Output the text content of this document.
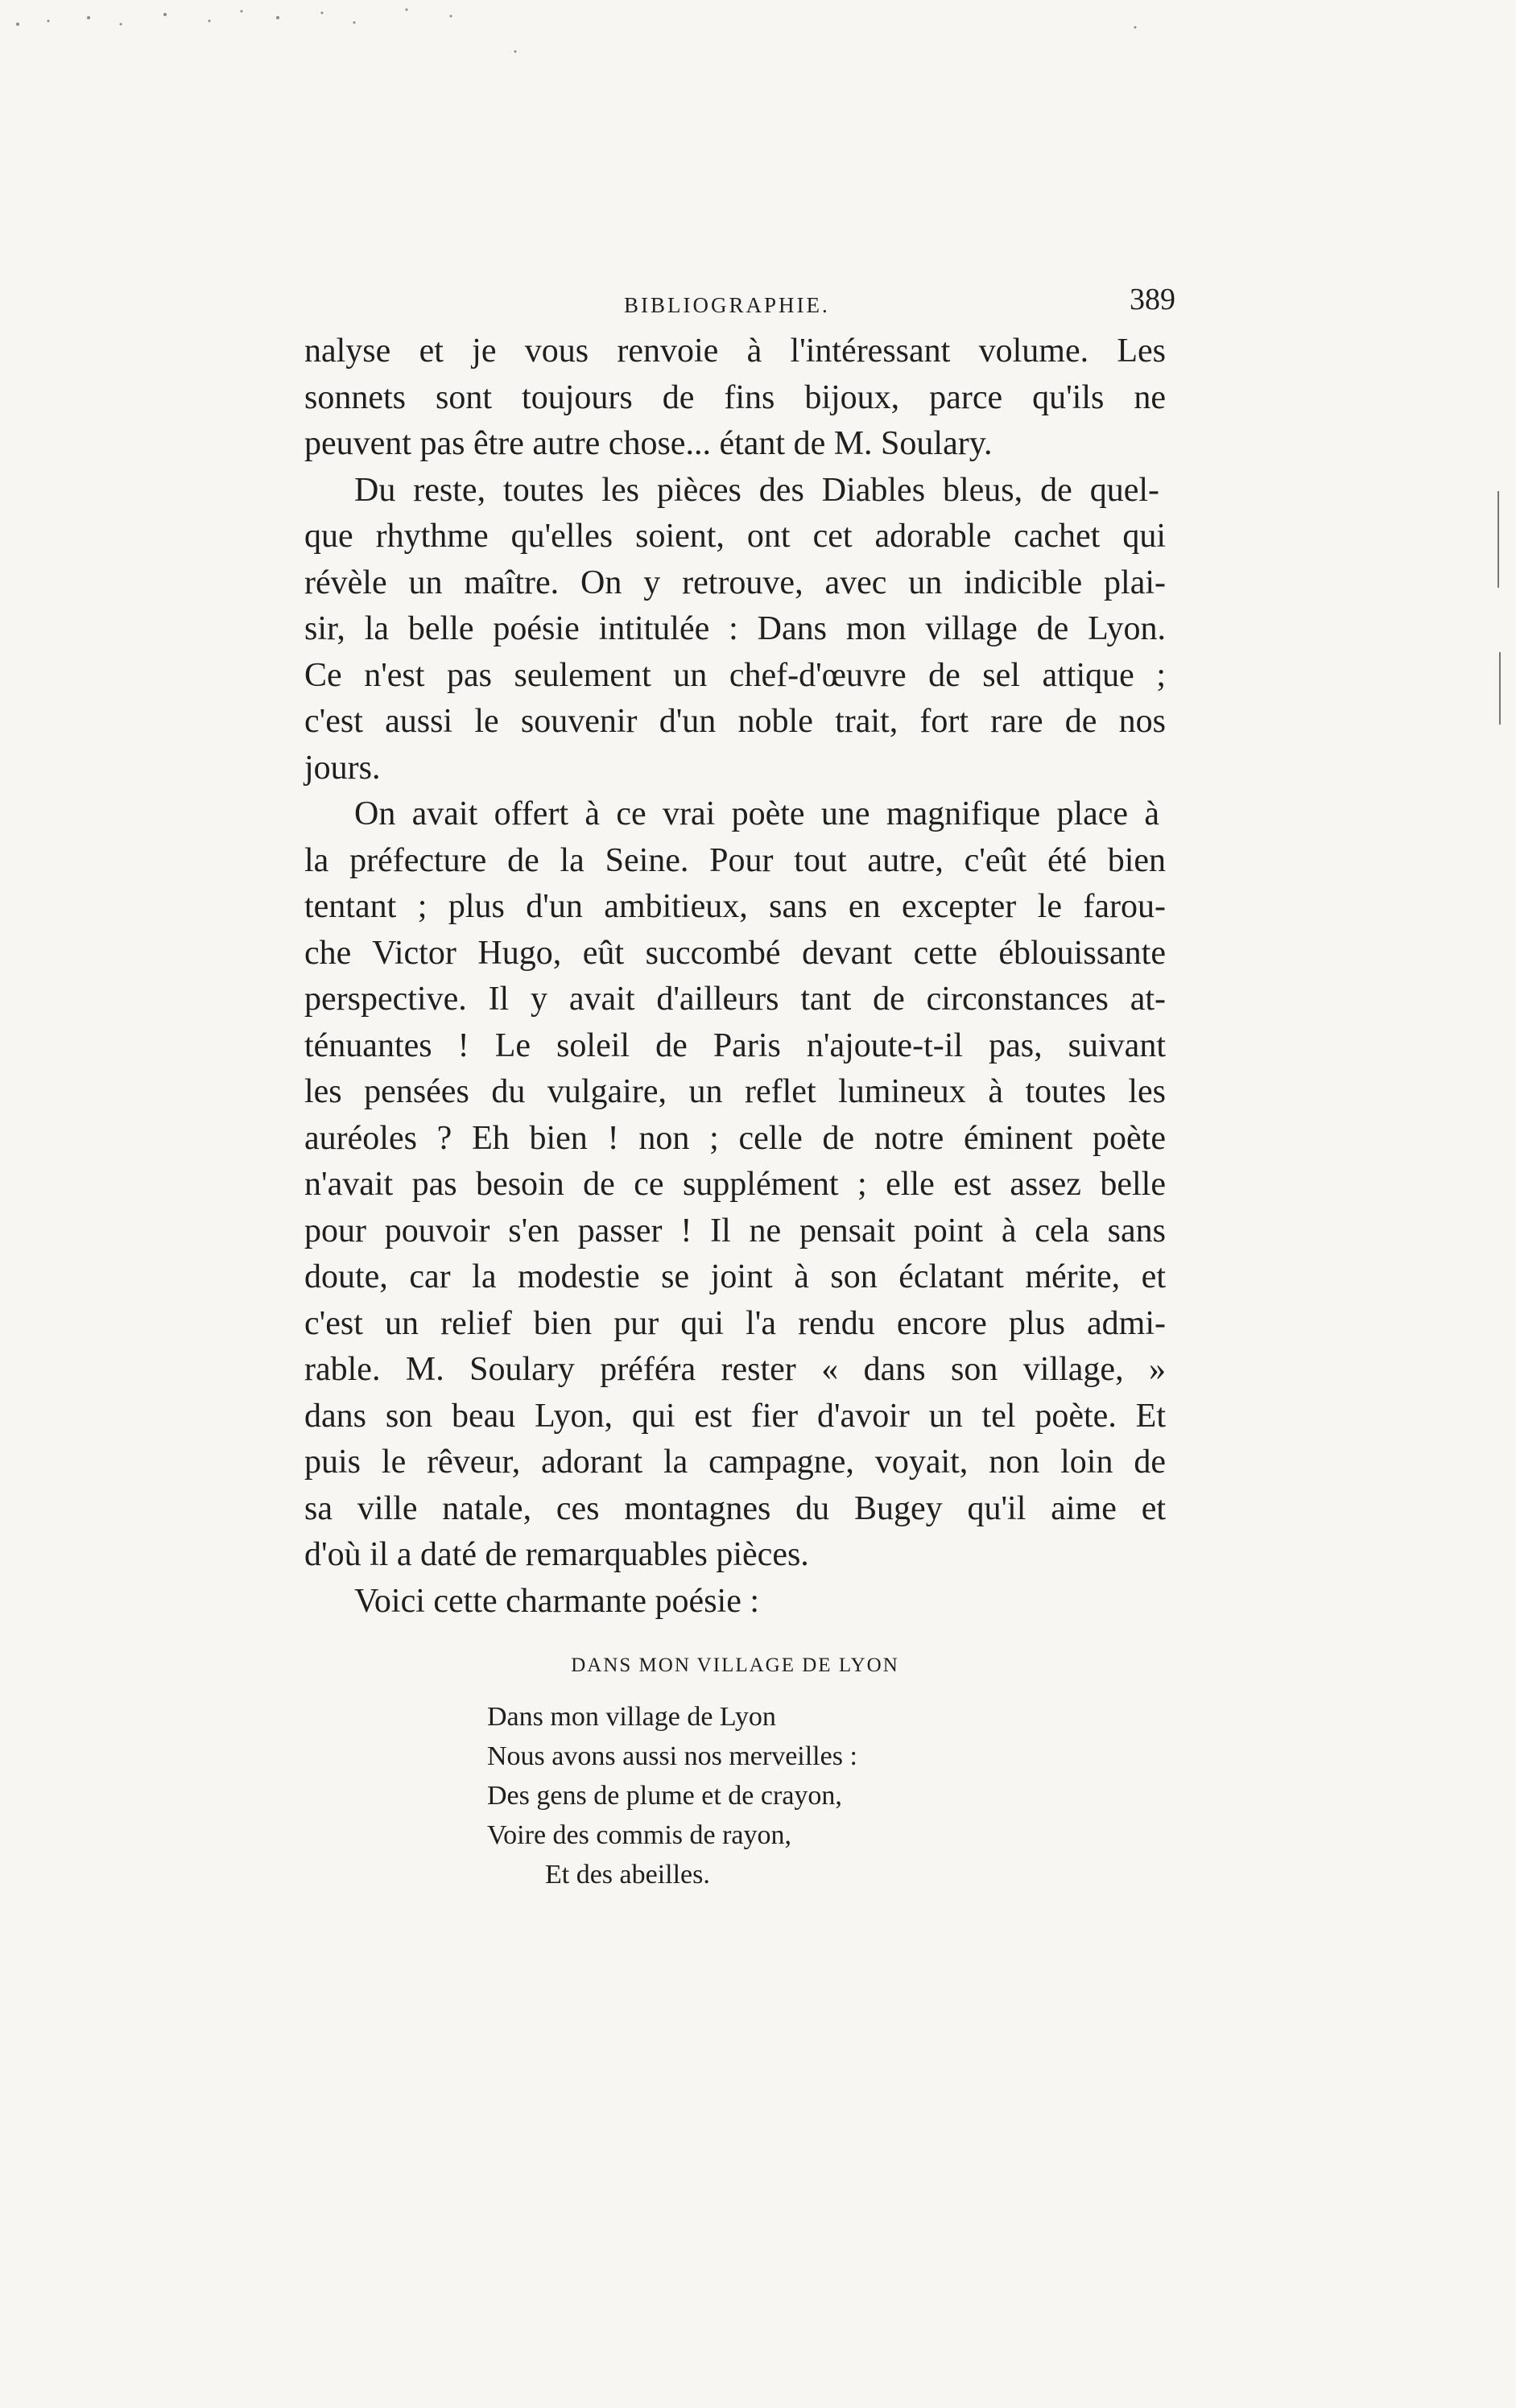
BIBLIOGRAPHIE.	389
nalyse et je vous renvoie à l'intéressant volume. Les
sonnets sont toujours de fins bijoux, parce qu'ils ne
peuvent pas être autre chose... étant de M. Soulary.
Du reste, toutes les pièces des Diables bleus, de quel-
que rhythme qu'elles soient, ont cet adorable cachet qui
révèle un maître. On y retrouve, avec un indicible plai-
sir, la belle poésie intitulée : Dans mon village de Lyon.
Ce n'est pas seulement un chef-d'œuvre de sel attique ;
c'est aussi le souvenir d'un noble trait, fort rare de nos
jours.
On avait offert à ce vrai poète une magnifique place à
la préfecture de la Seine. Pour tout autre, c'eût été bien
tentant ; plus d'un ambitieux, sans en excepter le farou-
che Victor Hugo, eût succombé devant cette éblouissante
perspective. Il y avait d'ailleurs tant de circonstances at-
ténuantes ! Le soleil de Paris n'ajoute-t-il pas, suivant
les pensées du vulgaire, un reflet lumineux à toutes les
auréoles ? Eh bien ! non ; celle de notre éminent poète
n'avait pas besoin de ce supplément ; elle est assez belle
pour pouvoir s'en passer ! Il ne pensait point à cela sans
doute, car la modestie se joint à son éclatant mérite, et
c'est un relief bien pur qui l'a rendu encore plus admi-
rable. M. Soulary préféra rester « dans son village, »
dans son beau Lyon, qui est fier d'avoir un tel poète. Et
puis le rêveur, adorant la campagne, voyait, non loin de
sa ville natale, ces montagnes du Bugey qu'il aime et
d'où il a daté de remarquables pièces.
Voici cette charmante poésie :
DANS MON VILLAGE DE LYON
Dans mon village de Lyon
Nous avons aussi nos merveilles :
Des gens de plume et de crayon,
Voire des commis de rayon,
Et des abeilles.
